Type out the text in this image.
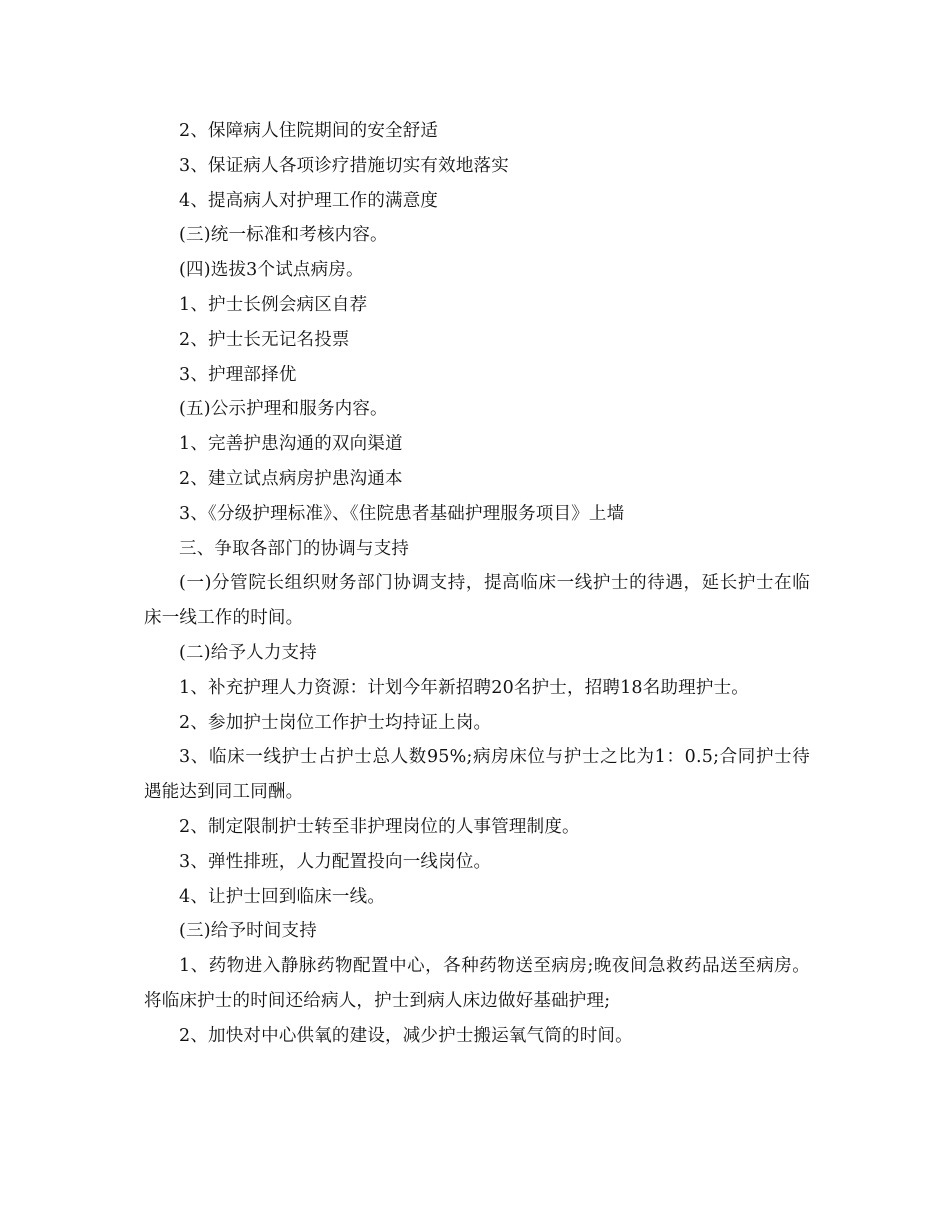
2、保障病人住院期间的安全舒适

3、保证病人各项诊疗措施切实有效地落实

4、提高病人对护理工作的满意度

(三)统一标准和考核内容。

(四)选拔3个试点病房。

1、护士长例会病区自荐

2、护士长无记名投票

3、护理部择优

(五)公示护理和服务内容。

1、完善护患沟通的双向渠道

2、建立试点病房护患沟通本

3、《分级护理标准》、《住院患者基础护理服务项目》上墙

三、争取各部门的协调与支持

(一)分管院长组织财务部门协调支持，提高临床一线护士的待遇，延长护士在临床一线工作的时间。

(二)给予人力支持

1、补充护理人力资源：计划今年新招聘20名护士，招聘18名助理护士。

2、参加护士岗位工作护士均持证上岗。

3、临床一线护士占护士总人数95%;病房床位与护士之比为1：0.5;合同护士待遇能达到同工同酬。

2、制定限制护士转至非护理岗位的人事管理制度。

3、弹性排班，人力配置投向一线岗位。

4、让护士回到临床一线。

(三)给予时间支持

1、药物进入静脉药物配置中心，各种药物送至病房;晚夜间急救药品送至病房。将临床护士的时间还给病人，护士到病人床边做好基础护理;

2、加快对中心供氧的建设，减少护士搬运氧气筒的时间。
